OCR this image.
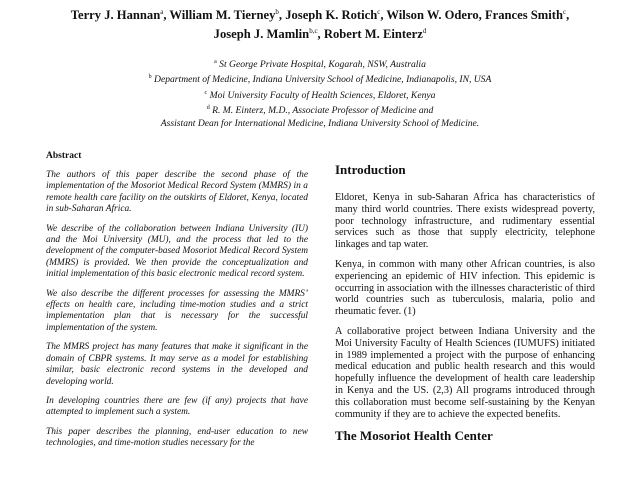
Terry J. Hannan$^a$, William M. Tierney$^b$, Joseph K. Rotich$^c$, Wilson W. Odero, Frances Smith$^c$,
Joseph J. Mamlin$^{b,c}$, Robert M. Einterz$^d$
$^a$ St George Private Hospital, Kogarah, NSW, Australia
$^b$ Department of Medicine, Indiana University School of Medicine, Indianapolis, IN, USA
$^c$ Moi University Faculty of Health Sciences, Eldoret, Kenya
$^d$ R. M. Einterz, M.D., Associate Professor of Medicine and
Assistant Dean for International Medicine, Indiana University School of Medicine.
Abstract

The authors of this paper describe the second phase of the implementation of the Mosoriot Medical Record System (MMRS) in a remote health care facility on the outskirts of Eldoret, Kenya, located in sub-Saharan Africa.

We describe of the collaboration between Indiana University (IU) and the Moi University (MU), and the process that led to the development of the computer-based Mosoriot Medical Record System (MMRS) is provided. We then provide the conceptualization and initial implementation of this basic electronic medical record system.

We also describe the different processes for assessing the MMRS’ effects on health care, including time-motion studies and a strict implementation plan that is necessary for the successful implementation of the system.

The MMRS project has many features that make it significant in the domain of CBPR systems. It may serve as a model for establishing similar, basic electronic record systems in the developed and developing world.

In developing countries there are few (if any) projects that have attempted to implement such a system.

This paper describes the planning, end-user education to new technologies, and time-motion studies necessary for the

Introduction

Eldoret, Kenya in sub-Saharan Africa has characteristics of many third world countries. There exists widespread poverty, poor technology infrastructure, and rudimentary essential services such as those that supply electricity, telephone linkages and tap water.

Kenya, in common with many other African countries, is also experiencing an epidemic of HIV infection. This epidemic is occurring in association with the illnesses characteristic of third world countries such as tuberculosis, malaria, polio and rheumatic fever. (1)

A collaborative project between Indiana University and the Moi University Faculty of Health Sciences (IUMUFS) initiated in 1989 implemented a project with the purpose of enhancing medical education and public health research and this would hopefully influence the development of health care leadership in Kenya and the US. (2,3) All programs introduced through this collaboration must become self-sustaining by the Kenyan community if they are to achieve the expected benefits.

The Mosoriot Health Center
